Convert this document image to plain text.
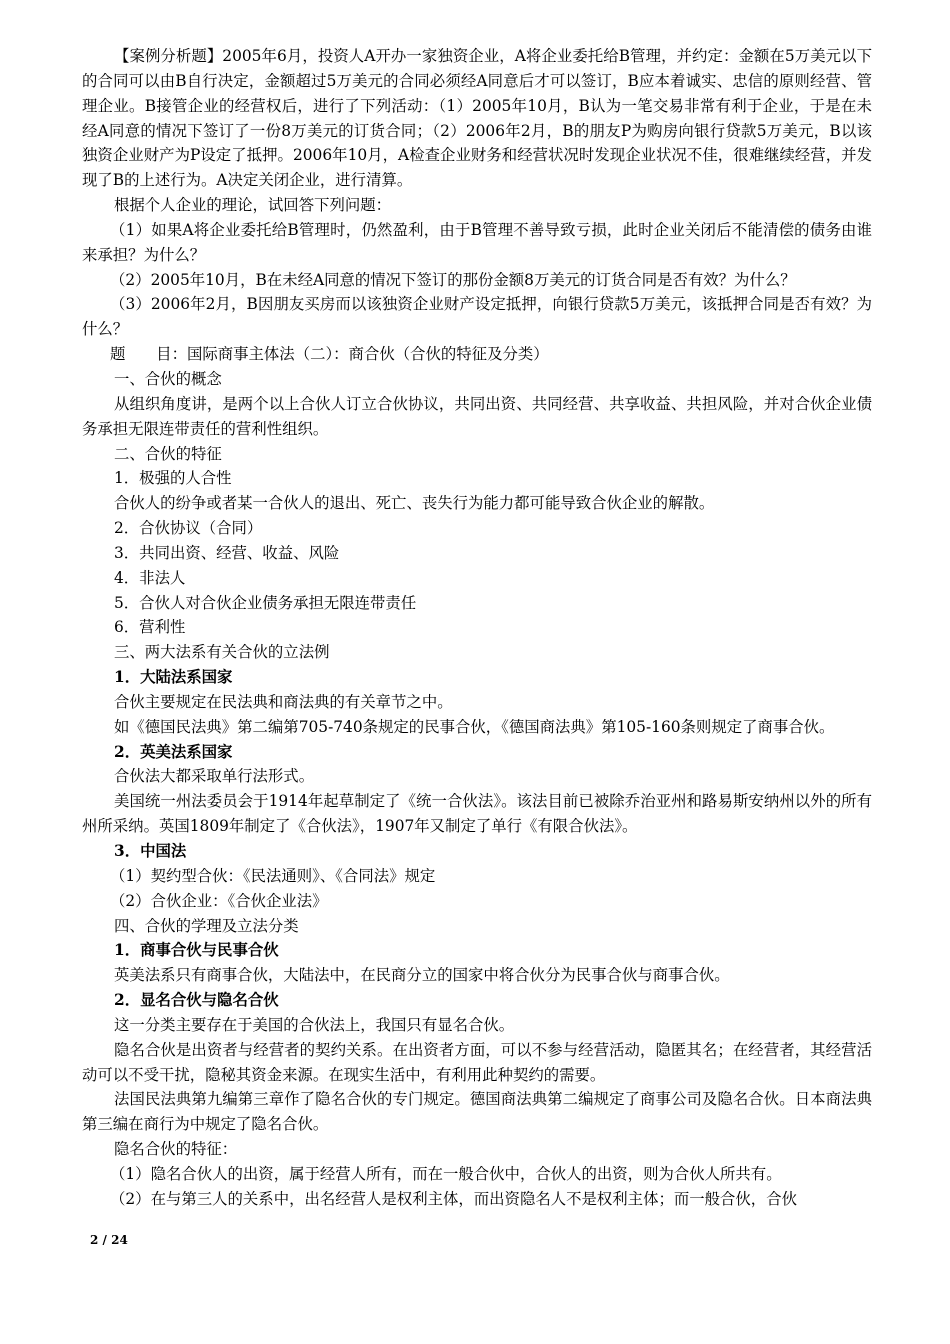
【案例分析题】2005年6月，投资人A开办一家独资企业，A将企业委托给B管理，并约定：金额在5万美元以下的合同可以由B自行决定，金额超过5万美元的合同必须经A同意后才可以签订，B应本着诚实、忠信的原则经营、管理企业。B接管企业的经营权后，进行了下列活动：（1）2005年10月，B认为一笔交易非常有利于企业，于是在未经A同意的情况下签订了一份8万美元的订货合同；（2）2006年2月，B的朋友P为购房向银行贷款5万美元，B以该独资企业财产为P设定了抵押。2006年10月，A检查企业财务和经营状况时发现企业状况不佳，很难继续经营，并发现了B的上述行为。A决定关闭企业，进行清算。

根据个人企业的理论，试回答下列问题：

（1）如果A将企业委托给B管理时，仍然盈利，由于B管理不善导致亏损，此时企业关闭后不能清偿的债务由谁来承担？为什么？

（2）2005年10月，B在未经A同意的情况下签订的那份金额8万美元的订货合同是否有效？为什么？

（3）2006年2月，B因朋友买房而以该独资企业财产设定抵押，向银行贷款5万美元，该抵押合同是否有效？为什么？

题　　目：国际商事主体法（二）：商合伙（合伙的特征及分类）

一、合伙的概念

从组织角度讲，是两个以上合伙人订立合伙协议，共同出资、共同经营、共享收益、共担风险，并对合伙企业债务承担无限连带责任的营利性组织。

二、合伙的特征

1．极强的人合性

合伙人的纷争或者某一合伙人的退出、死亡、丧失行为能力都可能导致合伙企业的解散。

2．合伙协议（合同）

3．共同出资、经营、收益、风险

4．非法人

5．合伙人对合伙企业债务承担无限连带责任

6．营利性

三、两大法系有关合伙的立法例

1．大陆法系国家

合伙主要规定在民法典和商法典的有关章节之中。

如《德国民法典》第二编第705-740条规定的民事合伙，《德国商法典》第105-160条则规定了商事合伙。

2．英美法系国家

合伙法大都采取单行法形式。

美国统一州法委员会于1914年起草制定了《统一合伙法》。该法目前已被除乔治亚州和路易斯安纳州以外的所有州所采纳。英国1809年制定了《合伙法》，1907年又制定了单行《有限合伙法》。

3．中国法

（1）契约型合伙：《民法通则》、《合同法》规定

（2）合伙企业：《合伙企业法》

四、合伙的学理及立法分类

1．商事合伙与民事合伙

英美法系只有商事合伙，大陆法中，在民商分立的国家中将合伙分为民事合伙与商事合伙。

2．显名合伙与隐名合伙

这一分类主要存在于美国的合伙法上，我国只有显名合伙。

隐名合伙是出资者与经营者的契约关系。在出资者方面，可以不参与经营活动，隐匿其名；在经营者，其经营活动可以不受干扰，隐秘其资金来源。在现实生活中，有利用此种契约的需要。

法国民法典第九编第三章作了隐名合伙的专门规定。德国商法典第二编规定了商事公司及隐名合伙。日本商法典第三编在商行为中规定了隐名合伙。

隐名合伙的特征：

（1）隐名合伙人的出资，属于经营人所有，而在一般合伙中，合伙人的出资，则为合伙人所共有。

（2）在与第三人的关系中，出名经营人是权利主体，而出资隐名人不是权利主体；而一般合伙，合伙

2 / 24
